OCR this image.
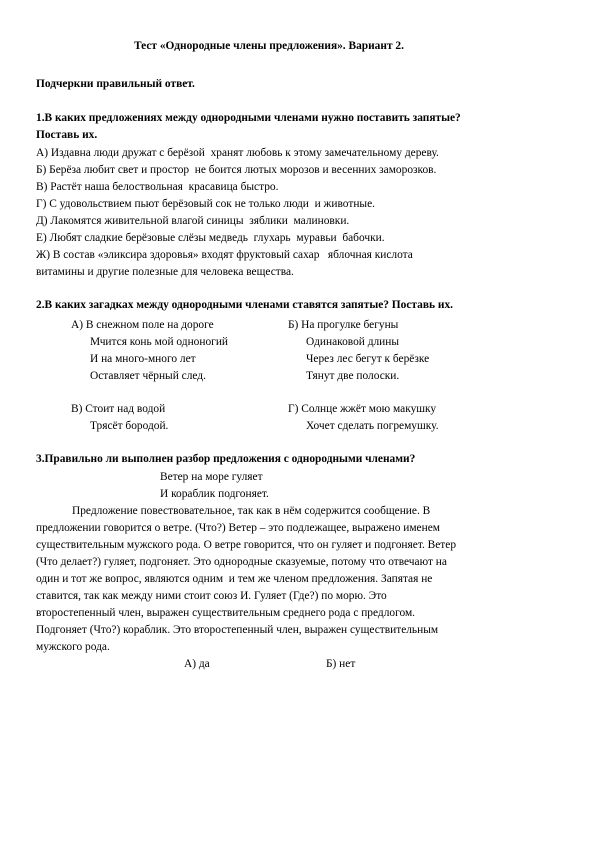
Тест «Однородные члены предложения». Вариант 2.
Подчеркни правильный ответ.
1.В каких предложениях между однородными членами нужно поставить запятые?
Поставь их.
А) Издавна люди дружат с берёзой  хранят любовь к этому замечательному дереву.
Б) Берёза любит свет и простор  не боится лютых морозов и весенних заморозков.
В) Растёт наша белоствольная  красавица быстро.
Г) С удовольствием пьют берёзовый сок не только люди  и животные.
Д) Лакомятся живительной влагой синицы  зяблики  малиновки.
Е) Любят сладкие берёзовые слёзы медведь  глухарь  муравьи  бабочки.
Ж) В состав «эликсира здоровья» входят фруктовый сахар   яблочная кислота
витамины и другие полезные для человека вещества.
2.В каких загадках между однородными членами ставятся запятые? Поставь их.
А) В снежном поле на дороге
Мчится конь мой одноногий
И на много-много лет
Оставляет чёрный след.
Б) На прогулке бегуны
Одинаковой длины
Через лес бегут к берёзке
Тянут две полоски.
В) Стоит над водой
Трясёт бородой.
Г) Солнце жжёт мою макушку
Хочет сделать погремушку.
3.Правильно ли выполнен разбор предложения с однородными членами?
Ветер на море гуляет
И кораблик подгоняет.
Предложение повествовательное, так как в нём содержится сообщение. В
предложении говорится о ветре. (Что?) Ветер – это подлежащее, выражено именем
существительным мужского рода. О ветре говорится, что он гуляет и подгоняет. Ветер
(Что делает?) гуляет, подгоняет. Это однородные сказуемые, потому что отвечают на
один и тот же вопрос, являются одним  и тем же членом предложения. Запятая не
ставится, так как между ними стоит союз И. Гуляет (Где?) по морю. Это
второстепенный член, выражен существительным среднего рода с предлогом.
Подгоняет (Что?) кораблик. Это второстепенный член, выражен существительным
мужского рода.
А) да	Б) нет
